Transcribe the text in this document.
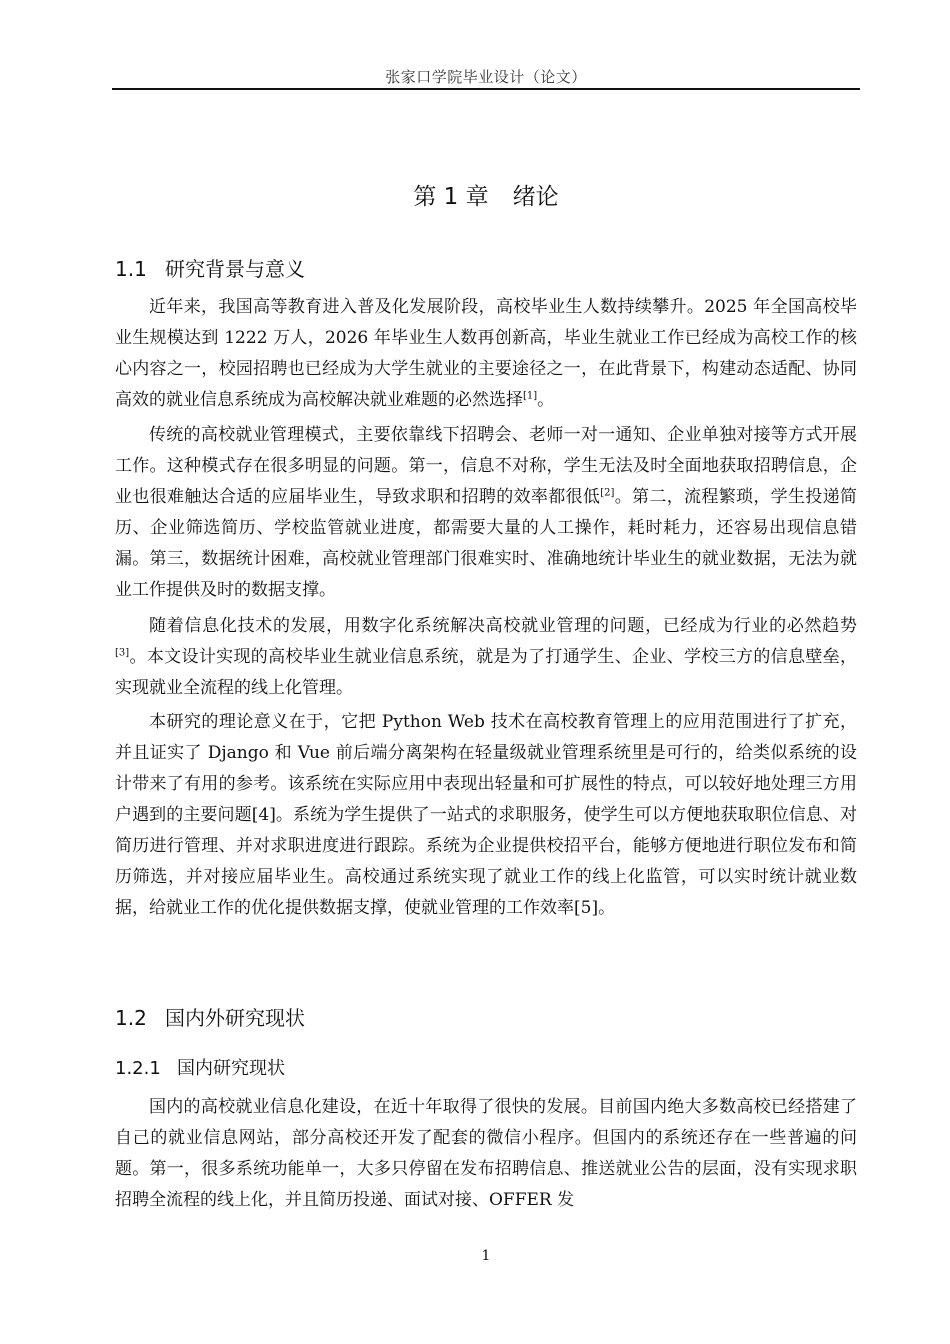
张家口学院毕业设计（论文）
第 1 章 绪论
1.1 研究背景与意义
近年来，我国高等教育进入普及化发展阶段，高校毕业生人数持续攀升。2025 年全国高校毕业生规模达到 1222 万人，2026 年毕业生人数再创新高，毕业生就业工作已经成为高校工作的核心内容之一，校园招聘也已经成为大学生就业的主要途径之一，在此背景下，构建动态适配、协同高效的就业信息系统成为高校解决就业难题的必然选择[1]。
传统的高校就业管理模式，主要依靠线下招聘会、老师一对一通知、企业单独对接等方式开展工作。这种模式存在很多明显的问题。第一，信息不对称，学生无法及时全面地获取招聘信息，企业也很难触达合适的应届毕业生，导致求职和招聘的效率都很低[2]。第二，流程繁琐，学生投递简历、企业筛选简历、学校监管就业进度，都需要大量的人工操作，耗时耗力，还容易出现信息错漏。第三，数据统计困难，高校就业管理部门很难实时、准确地统计毕业生的就业数据，无法为就业工作提供及时的数据支撑。
随着信息化技术的发展，用数字化系统解决高校就业管理的问题，已经成为行业的必然趋势[3]。本文设计实现的高校毕业生就业信息系统，就是为了打通学生、企业、学校三方的信息壁垒，实现就业全流程的线上化管理。
本研究的理论意义在于，它把 Python Web 技术在高校教育管理上的应用范围进行了扩充，并且证实了 Django 和 Vue 前后端分离架构在轻量级就业管理系统里是可行的，给类似系统的设计带来了有用的参考。该系统在实际应用中表现出轻量和可扩展性的特点，可以较好地处理三方用户遇到的主要问题[4]。系统为学生提供了一站式的求职服务，使学生可以方便地获取职位信息、对简历进行管理、并对求职进度进行跟踪。系统为企业提供校招平台，能够方便地进行职位发布和简历筛选，并对接应届毕业生。高校通过系统实现了就业工作的线上化监管，可以实时统计就业数据，给就业工作的优化提供数据支撑，使就业管理的工作效率[5]。
1.2 国内外研究现状
1.2.1 国内研究现状
国内的高校就业信息化建设，在近十年取得了很快的发展。目前国内绝大多数高校已经搭建了自己的就业信息网站，部分高校还开发了配套的微信小程序。但国内的系统还存在一些普遍的问题。第一，很多系统功能单一，大多只停留在发布招聘信息、推送就业公告的层面，没有实现求职招聘全流程的线上化，并且简历投递、面试对接、OFFER 发
1
